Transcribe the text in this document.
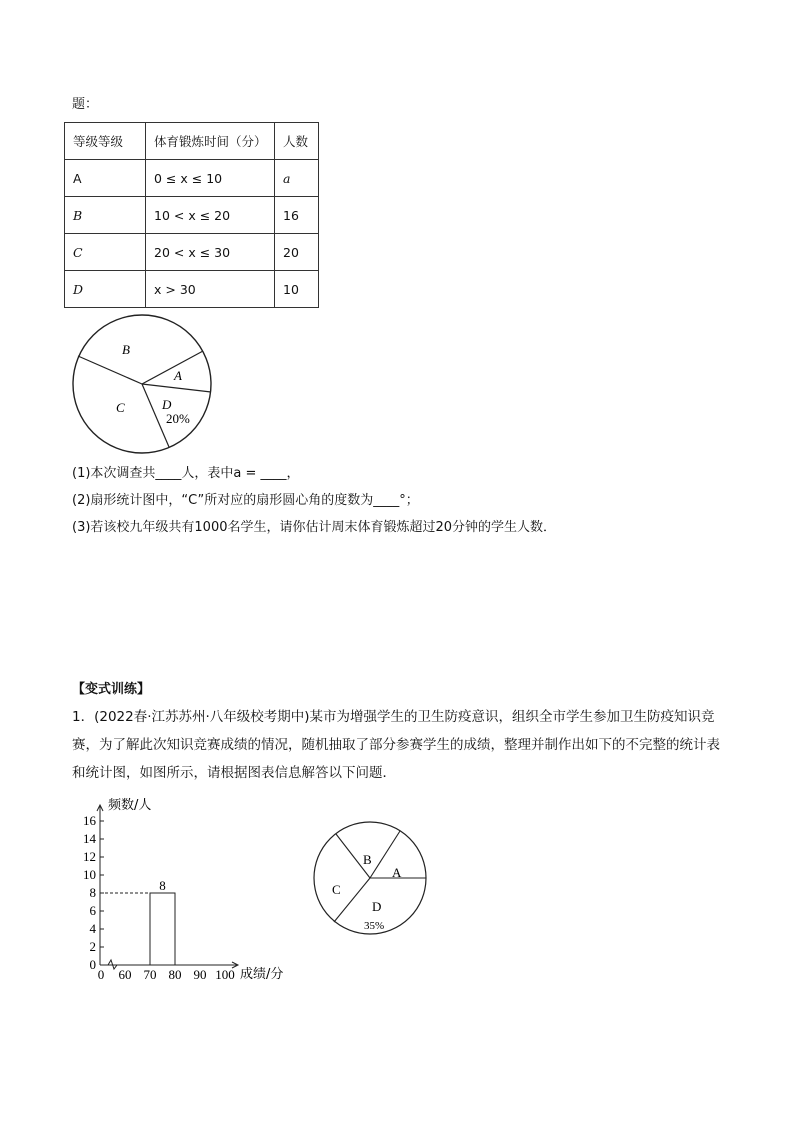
题：
等级等级	体育锻炼时间（分）	人数
A	0 ≤ x ≤ 10	a
B	10 < x ≤ 20	16
C	20 < x ≤ 30	20
D	x > 30	10
B
A
C	D
20%
(1)本次调查共____人，表中a = ____，
(2)扇形统计图中，“C”所对应的扇形圆心角的度数为____°；
(3)若该校九年级共有1000名学生，请你估计周末体育锻炼超过20分钟的学生人数．
【变式训练】
1．(2022春·江苏苏州·八年级校考期中)某市为增强学生的卫生防疫意识，组织全市学生参加卫生防疫知识竞赛，为了解此次知识竞赛成绩的情况，随机抽取了部分参赛学生的成绩，整理并制作出如下的不完整的统计表和统计图，如图所示，请根据图表信息解答以下问题．
0
2
4
6
8
10
12
14
16
0 60 70 80 90 100
8
频数/人
成绩/分
B
A
C
D
35%
